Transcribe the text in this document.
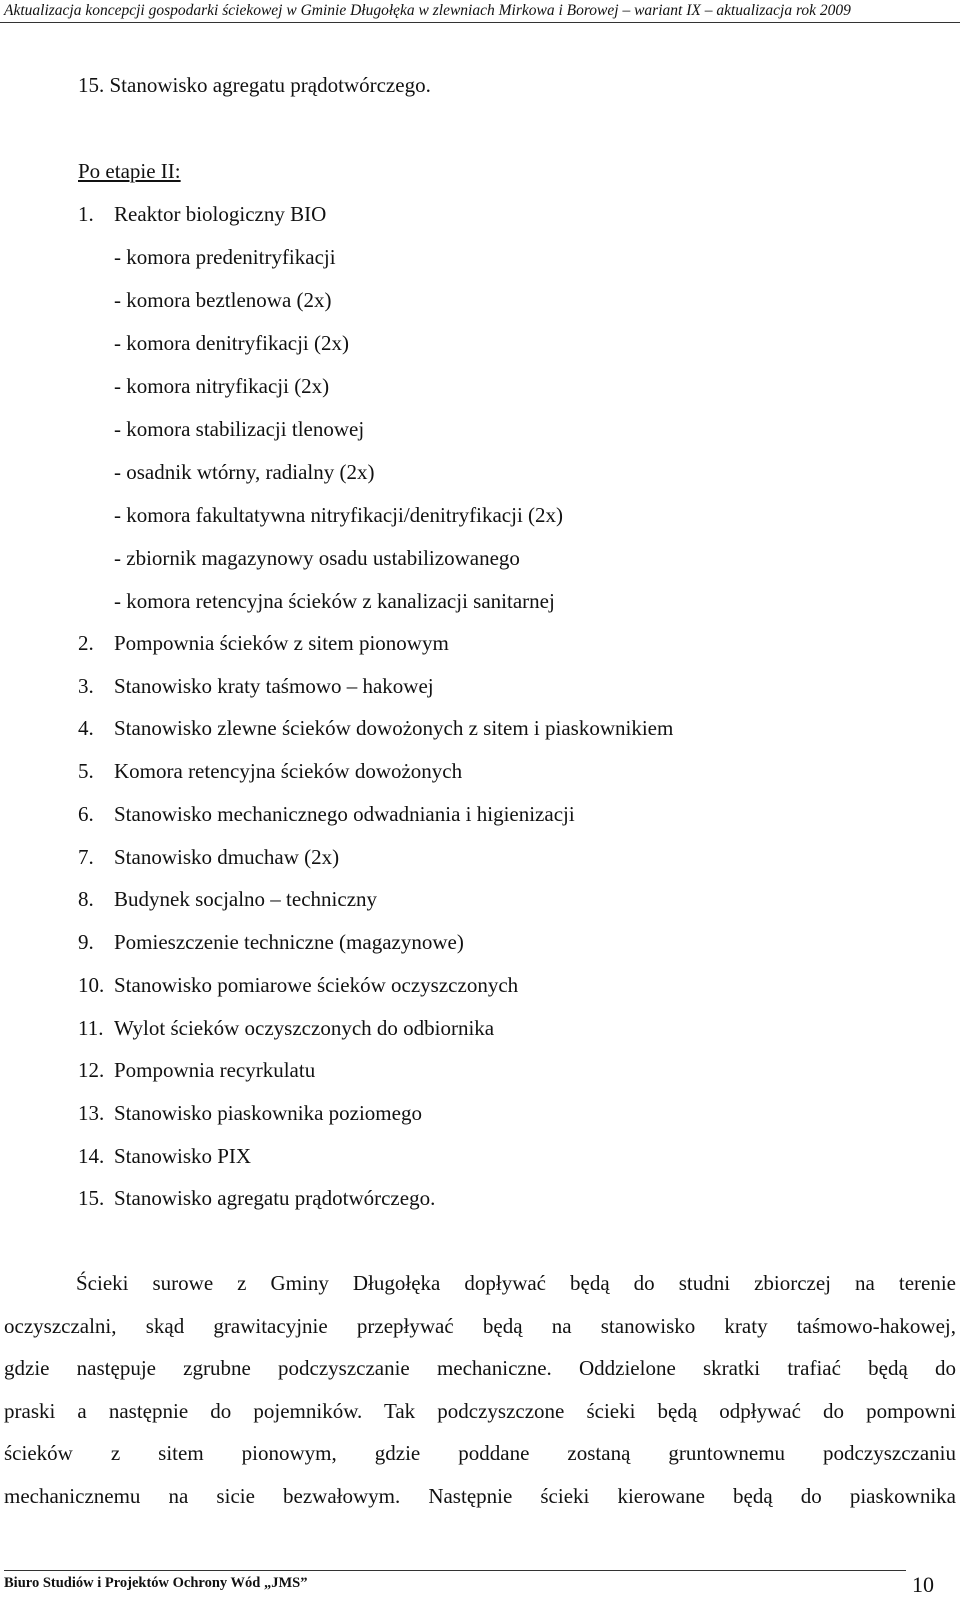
Aktualizacja koncepcji gospodarki ściekowej w Gminie Długołęka w zlewniach Mirkowa i Borowej – wariant IX – aktualizacja rok 2009
15. Stanowisko agregatu prądotwórczego.
Po etapie II:
1. Reaktor biologiczny BIO
- komora predenitryfikacji
- komora beztlenowa (2x)
- komora denitryfikacji (2x)
- komora nitryfikacji (2x)
- komora stabilizacji tlenowej
- osadnik wtórny, radialny (2x)
- komora fakultatywna nitryfikacji/denitryfikacji (2x)
- zbiornik magazynowy osadu ustabilizowanego
- komora retencyjna ścieków z kanalizacji sanitarnej
2. Pompownia ścieków z sitem pionowym
3. Stanowisko kraty taśmowo – hakowej
4. Stanowisko zlewne ścieków dowożonych z sitem i piaskownikiem
5. Komora retencyjna ścieków dowożonych
6. Stanowisko mechanicznego odwadniania i higienizacji
7. Stanowisko dmuchaw (2x)
8. Budynek socjalno – techniczny
9. Pomieszczenie techniczne (magazynowe)
10. Stanowisko pomiarowe ścieków oczyszczonych
11. Wylot ścieków oczyszczonych do odbiornika
12. Pompownia recyrkulatu
13. Stanowisko piaskownika poziomego
14. Stanowisko PIX
15. Stanowisko agregatu prądotwórczego.
Ścieki surowe z Gminy Długołęka dopływać będą do studni zbiorczej na terenie
oczyszczalni, skąd grawitacyjnie przepływać będą na stanowisko kraty taśmowo-hakowej,
gdzie następuje zgrubne podczyszczanie mechaniczne. Oddzielone skratki trafiać będą do
praski a następnie do pojemników. Tak podczyszczone ścieki będą odpływać do pompowni
ścieków z sitem pionowym, gdzie poddane zostaną gruntownemu podczyszczaniu
mechanicznemu na sicie bezwałowym. Następnie ścieki kierowane będą do piaskownika
Biuro Studiów i Projektów Ochrony Wód „JMS”	10
